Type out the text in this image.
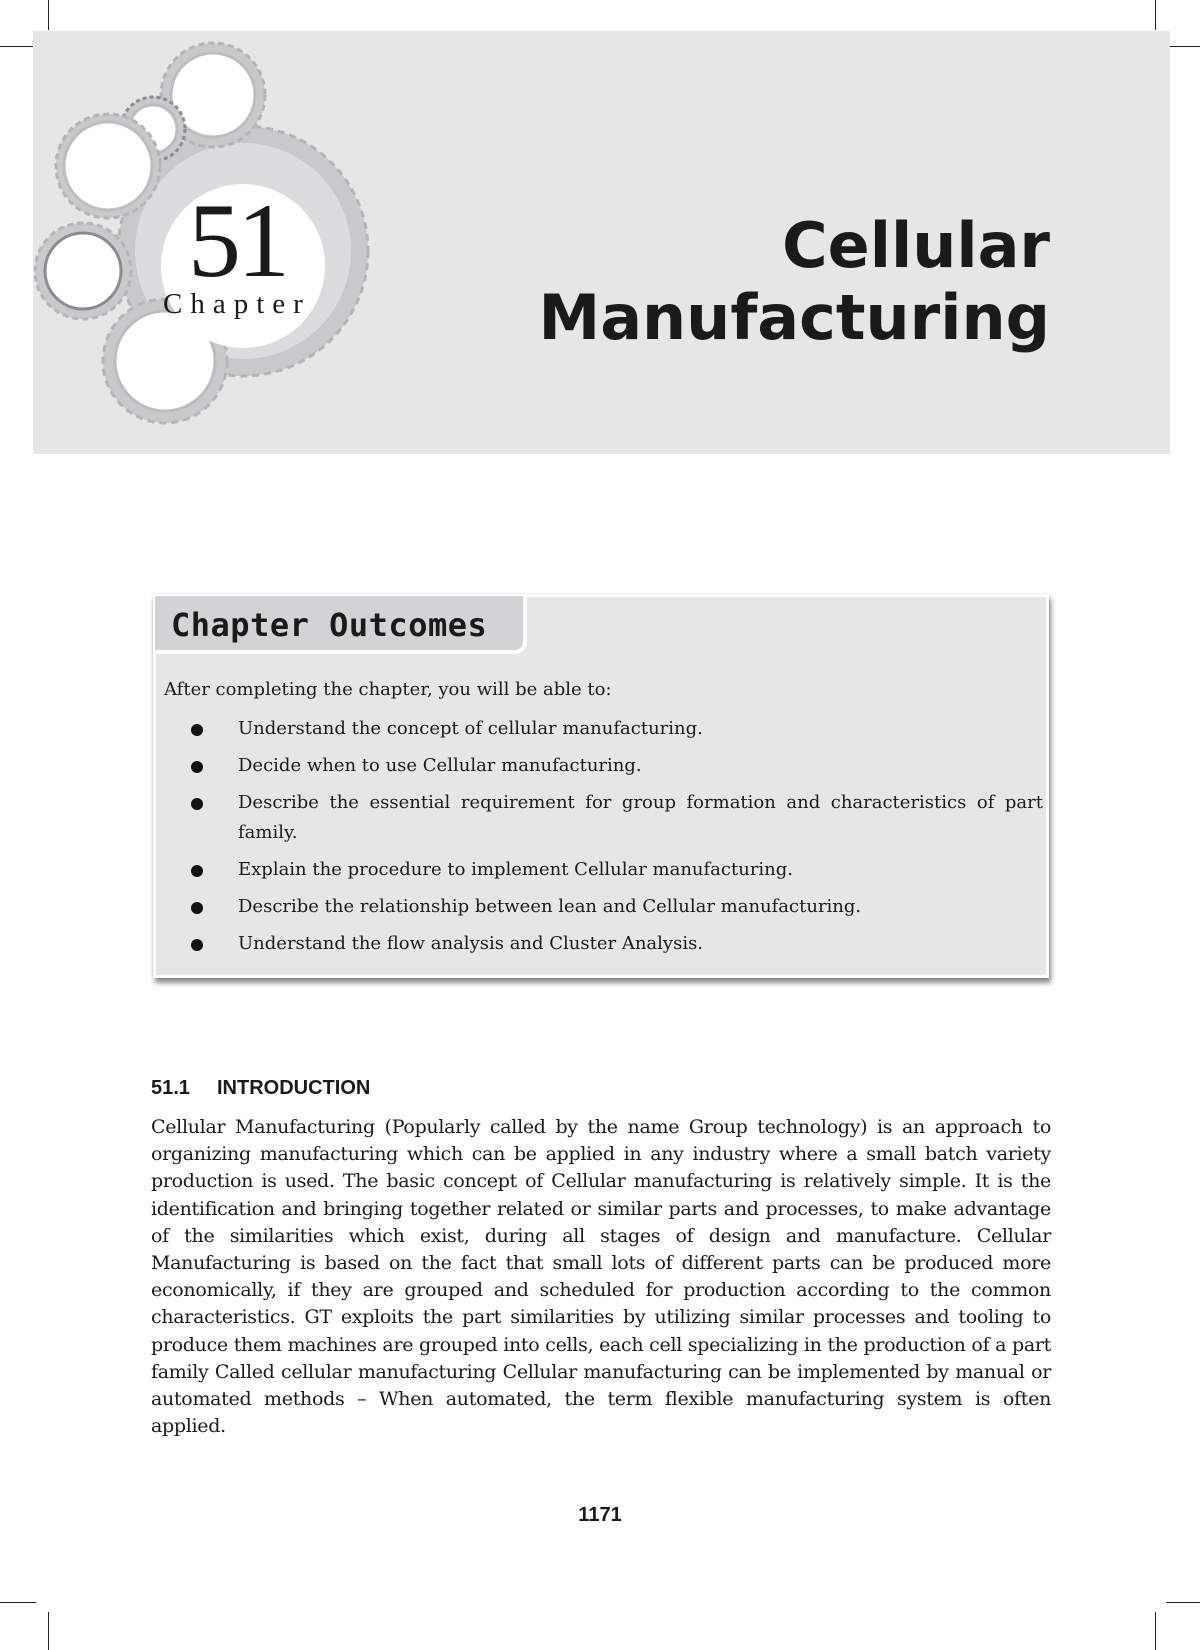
51

Chapter

Cellular
Manufacturing
Chapter Outcomes

After completing the chapter, you will be able to:

Understand the concept of cellular manufacturing.
Decide when to use Cellular manufacturing.
Describe the essential requirement for group formation and characteristics of part family.
Explain the procedure to implement Cellular manufacturing.
Describe the relationship between lean and Cellular manufacturing.
Understand the flow analysis and Cluster Analysis.
51.1 INTRODUCTION

Cellular Manufacturing (Popularly called by the name Group technology) is an approach to organizing manufacturing which can be applied in any industry where a small batch variety production is used. The basic concept of Cellular manufacturing is relatively simple. It is the identification and bringing together related or similar parts and processes, to make advantage of the similarities which exist, during all stages of design and manufacture. Cellular Manufacturing is based on the fact that small lots of different parts can be produced more economically, if they are grouped and scheduled for production according to the common characteristics. GT exploits the part similarities by utilizing similar processes and tooling to produce them machines are grouped into cells, each cell specializing in the production of a part family Called cellular manufacturing Cellular manufacturing can be implemented by manual or automated methods – When automated, the term flexible manufacturing system is often applied.

1171
